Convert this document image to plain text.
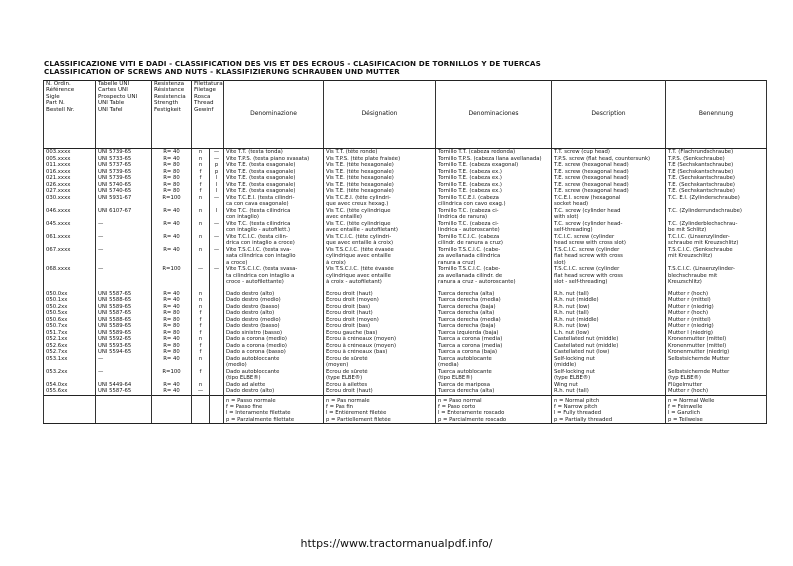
CLASSIFICAZIONE VITI E DADI - CLASSIFICATION DES VIS ET DES ECROUS - CLASIFICACION DE TORNILLOS Y DE TUERCAS
CLASSIFICATION OF SCREWS AND NUTS - KLASSIFIZIERUNG SCHRAUBEN UND MUTTER
N. Ordin.
Référence
Sigle
Part N.
Bestell Nr.	Tabelle UNI
Cartes UNI
Prospecto UNI
UNI Table
UNI Tafel	Resistenza
Résistance
Resistencia
Strength
Festigkeit	Filettatura
Filetage
Rosca
Thread
Gewinf		Denominazione	Désignation	Denominaciones	Description	Benennung
003.xxxx	UNI 5739-65	R= 40	n	—	Vite T.T. (testa tonda)	Vis T.T. (tête ronde)	Tornillo T.T. (cabeza redonda)	T.T. screw (cup head)	T.T. (Flachrundschraube)
005.xxxx	UNI 5733-65	R= 40	n	—	Vite T.P.S. (testa piano svasata)	Vis T.P.S. (tête plate fraisée)	Tornillo T.P.S. (cabeza llana avellanada)	T.P.S. screw (flat head, countersunk)	T.P.S. (Senkschraube)
011.xxxx	UNI 5737-65	R= 80	n	p	Vite T.E. (testa esagonale)	Vis T.E. (tête hexagonale)	Tornillo T.E. (cabeza exagonal)	T.E. screw (hexagonal head)	T.E (Sechskantschraube)

016.xxxx	UNI 5739-65	R= 80	f	p	Vite T.E. (testa esagonale)	Vis T.E. (tête hexagonale)	Tornillo T.E. (cabeza ex.)	T.E. screw (hexagonal head)	T.E (Sechskantschraube)
021.xxxx	UNI 5739-65	R= 80	f	l	Vite T.E. (testa esagonale)	Vis T.E. (tête hexagonale)	Tornillo T.E. (cabeza ex.)	T.E. screw (hexagonal head)	T.E. (Sechskantschraube)
026.xxxx	UNI 5740-65	R= 80	f	l	Vite T.E. (testa esagonale)	Vis T.E. (tête hexagonale)	Tornillo T.E. (cabeza ex.)	T.E. screw (hexagonal head)	T.E. (Sechskantschraube)
027.xxxx	UNI 5740-65	R= 80	f	l	Vite T.E. (testa esagonale)	Vis T.E. (tête hexagonale)	Tornillo T.E. (cabeza ex.)	T.E. screw (hexagonal head)	T.E. (Sechskantschraube)
030.xxxx	UNI 5931-67	R=100	n	—	Vite T.C.E.I. (testa cilindri-	Vis T.C.E.I. (tête cylindri-	Tornillo T.C.E.I. (cabeza	T.C.E.I. screw (hexagonal	T.C. E.I. (Zylinderschraube)
					ca con cava esagonale)	que avec creux hexag.)	cilíndrica con cavo exag.)	socket head)	
046.xxxx	UNI 6107-67	R= 40	n	l	Vite T.C. (testa cilindrica	Vis T.C. (tête cylindrique	Tornillo T.C. (cabeza ci-	T.C. screw (cylinder head	T.C. (Zylinderrundschraube)
					con intaglio)	avec entaille)	líndrica de ranura)	with slot)	
045.xxxx	—	R= 40	n	—	Vite T.C. (testa cilindrica	Vis T.C. (tête cylindrique	Tornillo T.C. (cabeza ci-	T.C. screw (cylinder head-	T.C. (Zylinderblechschrau-
					con intaglio - autofilett.)	avec entaille - autofiletant)	líndrica - autoroscante)	self-threading)	be mit Schlitz)
061.xxxx	—	R= 40	n	—	Vite T.C.I.C. (testa cilin-	Vis T.C.I.C. (tête cylindri-	Tornillo T.C.I.C. (cabeza	T.C.I.C. screw (cylinder	T.C.I.C. (Linsenzylinder-
					drica con intaglio a croce)	que avec entaille à croix)	cilíndr. de ranura a cruz)	head screw with cross slot)	schraube mit Kreuzschlitz)
067.xxxx	—	R= 40	n	—	Vite T.S.C.I.C. (testa sva-	Vis T.S.C.I.C. (tête évasée	Tornillo T.S.C.I.C. (cabe-	T.S.C.I.C. screw (cylinder	T.S.C.I.C. (Senkschraube
					sata cilindrica con intaglio	cylindrique avec entaille	za avellanada cilíndrica	flat head screw with cross	mit Kreuzschlitz)
					a croce)	à croix)	ranura a cruz)	slot)	
068.xxxx	—	R=100	—	—	Vite T.S.C.I.C. (testa svasa-	Vis T.S.C.I.C. (tête évasée	Tornillo T.S.C.I.C. (cabe-	T.S.C.I.C. screw (cylinder	T.S.C.I.C. (Linsenzylinder-
					ta cilindrica con intaglio a	cylindrique avec entaille	za avellanada cilíndr. de	flat head screw with cross	blechschraube mit
					croce - autofilettante)	à croix - autofiletant)	ranura a cruz - autoroscante)	slot - self-threading)	Kreuzschlitz)

050.0xx	UNI 5587-65	R= 40	n		Dado destro (alto)	Ecrou droit (haut)	Tuerca derecha (alta)	R.h. nut (tall)	Mutter r (hoch)
050.1xx	UNI 5588-65	R= 40	n		Dado destro (medio)	Ecrou droit (moyen)	Tuerca derecha (media)	R.h. nut (middle)	Mutter r (mittel)
050.2xx	UNI 5589-65	R= 40	n		Dado destro (basso)	Ecrou droit (bas)	Tuerca derecha (baja)	R.h. nut (low)	Mutter r (niedrig)
050.5xx	UNI 5587-65	R= 80	f		Dado destro (alto)	Ecrou droit (haut)	Tuerca derecha (alta)	R.h. nut (tall)	Mutter r (hoch)
050.6xx	UNI 5588-65	R= 80	f		Dado destro (medio)	Ecrou droit (moyen)	Tuerca derecha (media)	R.h. nut (middle)	Mutter r (mittel)
050.7xx	UNI 5589-65	R= 80	f		Dado destro (basso)	Ecrou droit (bas)	Tuerca derecha (baja)	R.h. nut (low)	Mutter r (niedrig)
051.7xx	UNI 5589-65	R= 80	f		Dado sinistro (basso)	Ecrou gauche (bas)	Tuerca izquierda (baja)	L.h. nut (low)	Mutter l (niedrig)
052.1xx	UNI 5592-65	R= 40	n		Dado a corona (medio)	Ecrou à créneaux (moyen)	Tuerca a corona (media)	Castellated nut (middle)	Kronenmutter (mittel)
052.6xx	UNI 5593-65	R= 80	f		Dado a corona (medio)	Ecrou à créneaux (moyen)	Tuerca a corona (media)	Castellated nut (middle)	Kronenmutter (mittel)
052.7xx	UNI 5594-65	R= 80	f		Dado a corona (basso)	Ecrou à créneaux (bas)	Tuerca a corona (baja)	Castellated nut (low)	Kronenmutter (niedrig)
053.1xx	—	R= 40	n		Dado autobloccante	Ecrou de sûreté	Tuerca autoblocante	Self-locking nut	Selbstsichernde Mutter
					(medio)	(moyen)	(media)	(middle)	
053.2xx	—	R=100	f		Dado autobloccante	Ecrou de sûreté	Tuerca autoblocante	Self-locking nut	Selbstsichernde Mutter
					(tipo ELBE®)	(type ELBE®)	(tipo ELBE®)	(type ELBE®)	(typ ELBE®)
054.0xx	UNI 5449-64	R= 40	n		Dado ad alette	Ecrou à ailettes	Tuerca de mariposa	Wing nut	Flügelmutter
055.6xx	UNI 5587-65	R= 40	—		Dado destro (alto)	Ecrou droit (haut)	Tuerca derecha (alta)	R.h. nut (tall)	Mutter r (hoch)
					n = Passo normale	n = Pas normale	n = Paso normal	n = Normal pitch	n = Normal Welle
					f = Passo fine	f = Pas fin	f = Paso corto	f = Narrow pitch	f = Feinwelle
					l = Interamente filettate	l = Entièrement filetée	l = Enteramente roscado	l = Fully threaded	l = Ganzlich
					p = Parzialmente filettate	p = Partiellement filetée	p = Parcialmente roscado	p = Partially threaded	p = Teilweise
https://www.tractormanualpdf.info/
